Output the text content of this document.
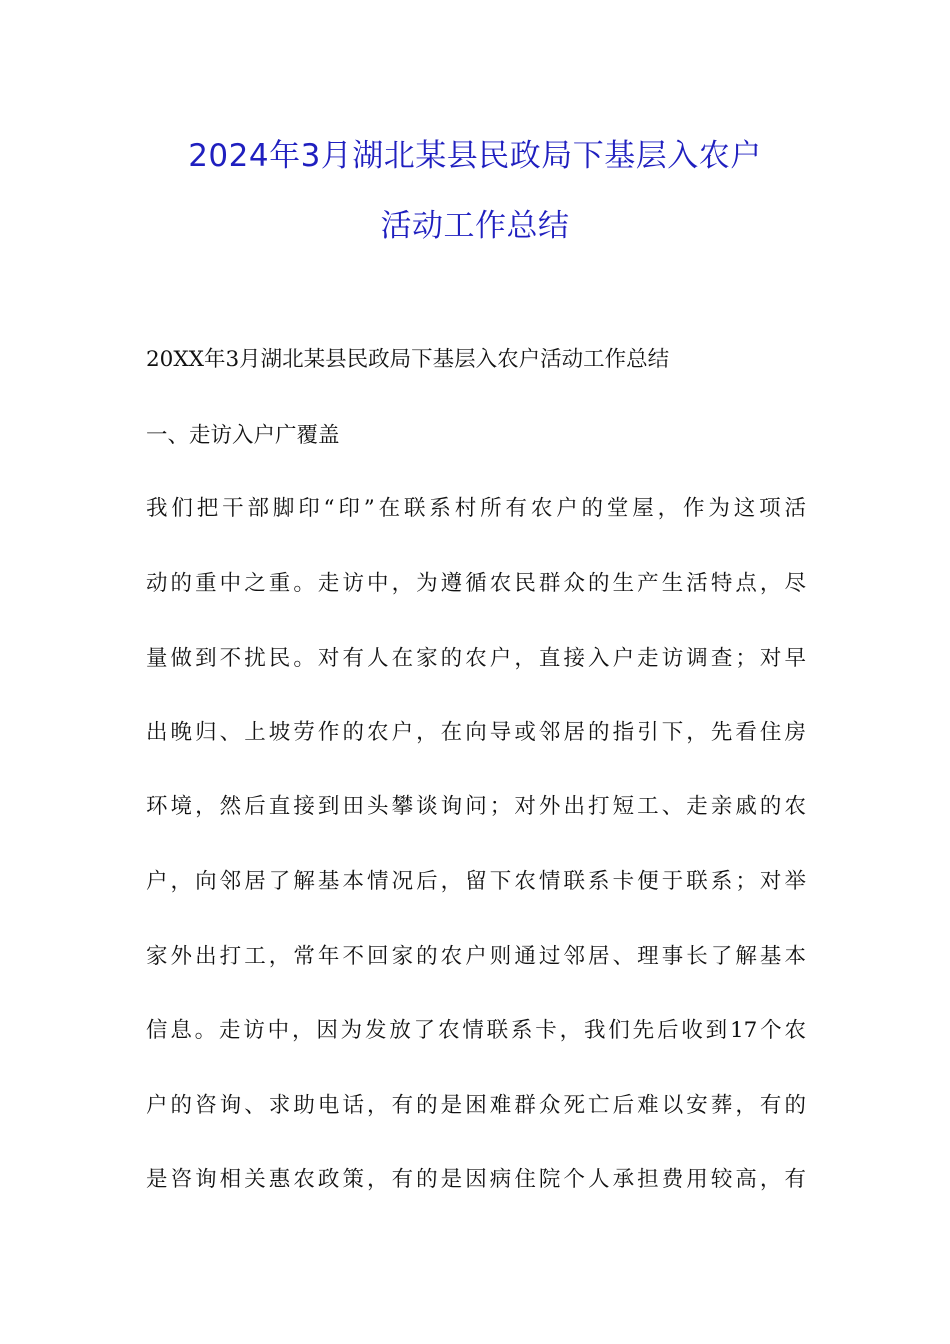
2024年3月湖北某县民政局下基层入农户
活动工作总结
20XX年3月湖北某县民政局下基层入农户活动工作总结
一、走访入户广覆盖
我们把干部脚印“印”在联系村所有农户的堂屋，作为这项活
动的重中之重。走访中，为遵循农民群众的生产生活特点，尽
量做到不扰民。对有人在家的农户，直接入户走访调查；对早
出晚归、上坡劳作的农户，在向导或邻居的指引下，先看住房
环境，然后直接到田头攀谈询问；对外出打短工、走亲戚的农
户，向邻居了解基本情况后，留下农情联系卡便于联系；对举
家外出打工，常年不回家的农户则通过邻居、理事长了解基本
信息。走访中，因为发放了农情联系卡，我们先后收到17个农
户的咨询、求助电话，有的是困难群众死亡后难以安葬，有的
是咨询相关惠农政策，有的是因病住院个人承担费用较高，有
